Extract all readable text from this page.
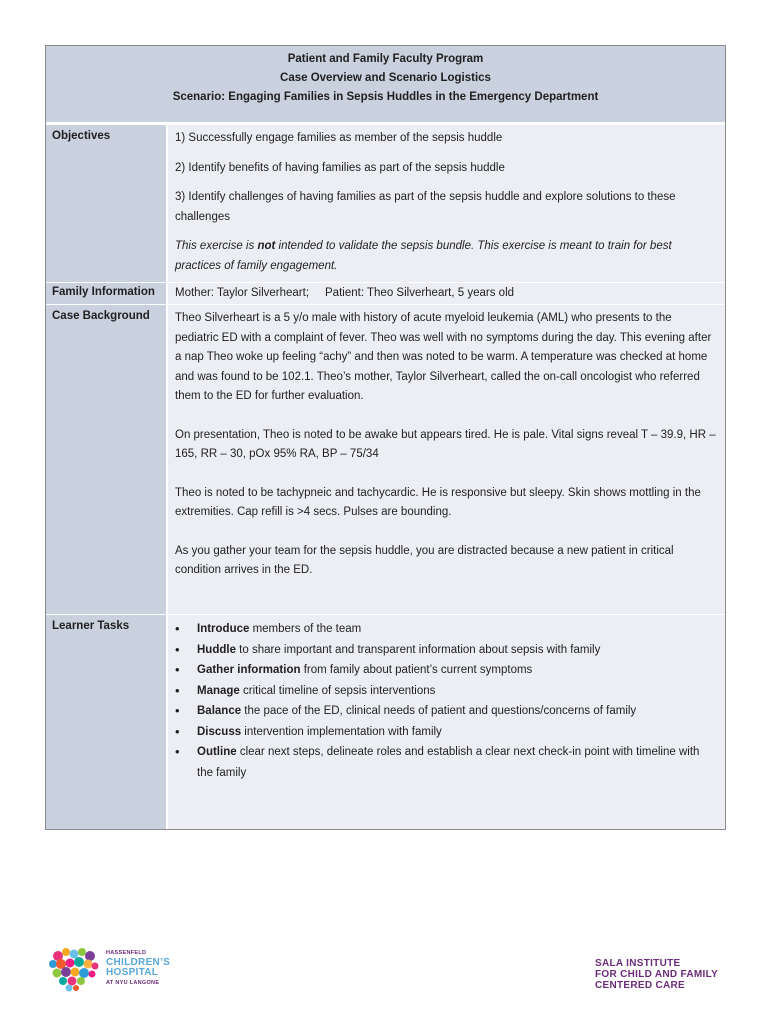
Patient and Family Faculty Program
Case Overview and Scenario Logistics
Scenario: Engaging Families in Sepsis Huddles in the Emergency Department
Objectives	1) Successfully engage families as member of the sepsis huddle

2) Identify benefits of having families as part of the sepsis huddle

3) Identify challenges of having families as part of the sepsis huddle and explore solutions to these challenges

This exercise is not intended to validate the sepsis bundle. This exercise is meant to train for best practices of family engagement.

Family Information	Mother: Taylor Silverheart; Patient: Theo Silverheart, 5 years old
Case Background	Theo Silverheart is a 5 y/o male with history of acute myeloid leukemia (AML) who presents to the pediatric ED with a complaint of fever. Theo was well with no symptoms during the day. This evening after a nap Theo woke up feeling “achy” and then was noted to be warm. A temperature was checked at home and was found to be 102.1. Theo’s mother, Taylor Silverheart, called the on-call oncologist who referred them to the ED for further evaluation.

On presentation, Theo is noted to be awake but appears tired. He is pale. Vital signs reveal T – 39.9, HR – 165, RR – 30, pOx 95% RA, BP – 75/34

Theo is noted to be tachypneic and tachycardic. He is responsive but sleepy. Skin shows mottling in the extremities. Cap refill is >4 secs. Pulses are bounding.

As you gather your team for the sepsis huddle, you are distracted because a new patient in critical condition arrives in the ED.

Learner Tasks
•	Introduce members of the team
• Huddle to share important and transparent information about sepsis with family
• Gather information from family about patient’s current symptoms
• Manage critical timeline of sepsis interventions
• Balance the pace of the ED, clinical needs of patient and questions/concerns of family
• Discuss intervention implementation with family
• Outline clear next steps, delineate roles and establish a clear next check-in point with timeline with the family
HASSENFELD
CHILDREN’S
HOSPITAL
AT NYU LANGONE
SALA INSTITUTE
FOR CHILD AND FAMILY
CENTERED CARE
